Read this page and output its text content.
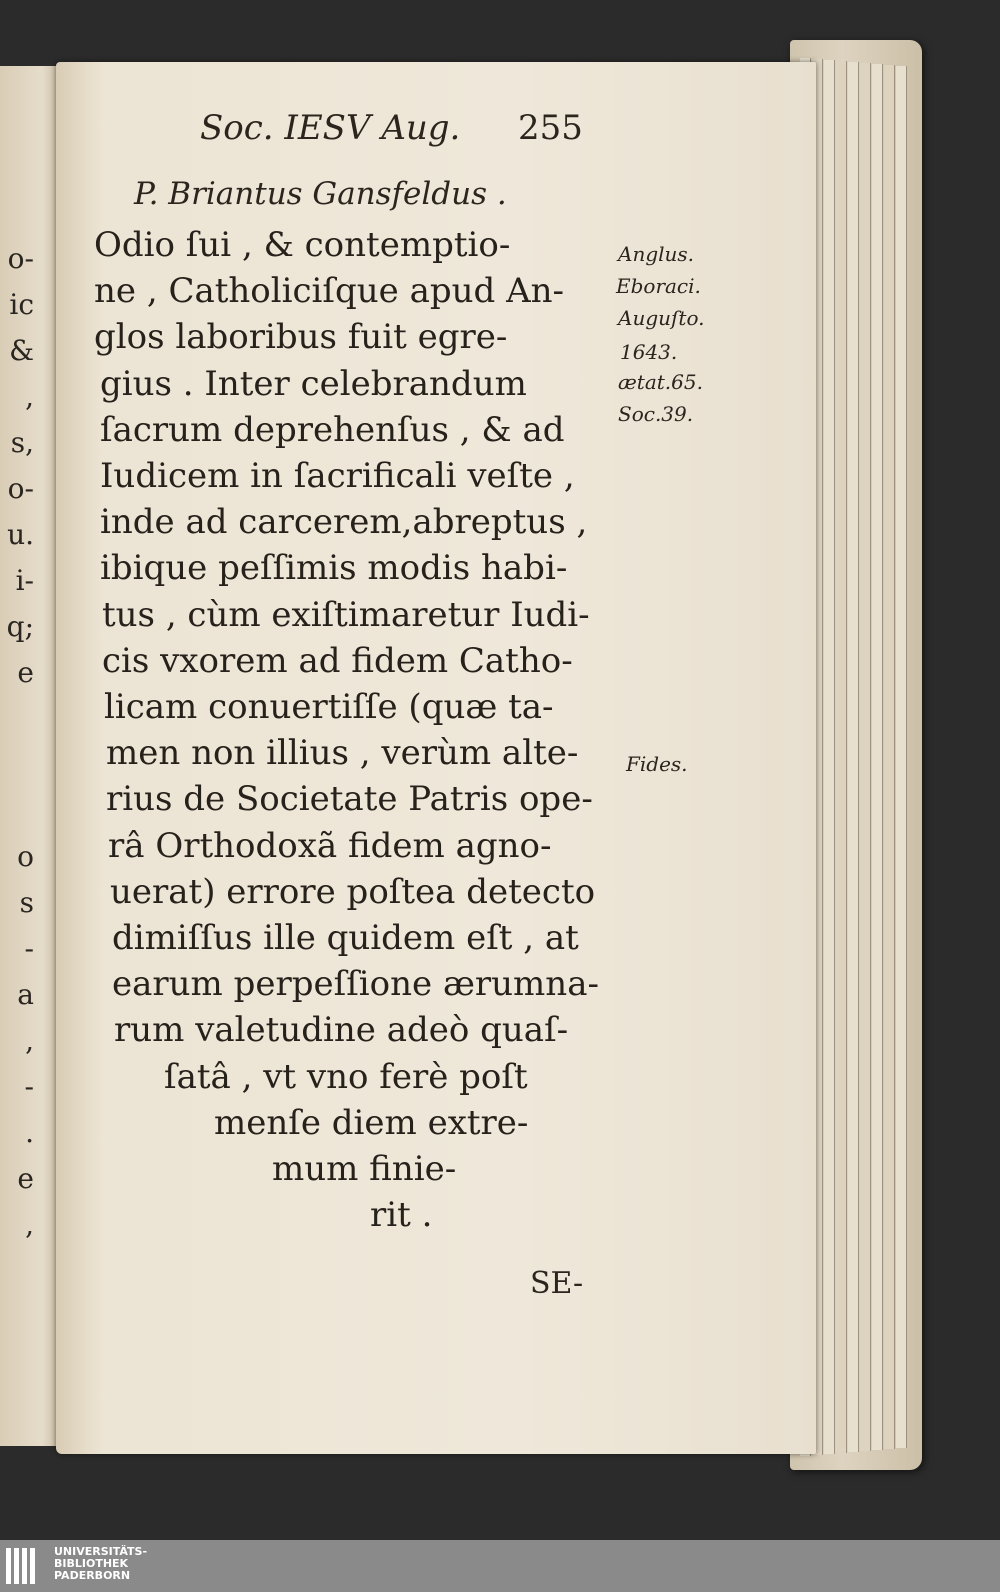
o-
ic
&
,
s,
o-
u.
i-
q;
e
o
s
-
a
,
-
.
e
,
Soc. IESV Aug. 255
P. Briantus Gansfeldus .
Odio ſui , & contemptio-
ne , Catholiciſque apud An-
glos laboribus fuit egre-
gius . Inter celebrandum
ſacrum deprehenſus , & ad
Iudicem in ſacrificali veſte ,
inde ad carcerem,abreptus ,
ibique peſſimis modis habi-
tus , cùm exiſtimaretur Iudi-
cis vxorem ad fidem Catho-
licam conuertiſſe (quæ ta-
men non illius , verùm alte-
rius de Societate Patris ope-
râ Orthodoxã fidem agno-
uerat) errore poſtea detecto
dimiſſus ille quidem eſt , at
earum perpeſſione ærumna-
rum valetudine adeò quaſ-
ſatâ , vt vno ferè poſt
menſe diem extre-
mum finie-
rit .
Anglus.
Eboraci.
Auguſto.
1643.
ætat.65.
Soc.39.
Fides.
SE-
UNIVERSITÄTS-
BIBLIOTHEK
PADERBORN
